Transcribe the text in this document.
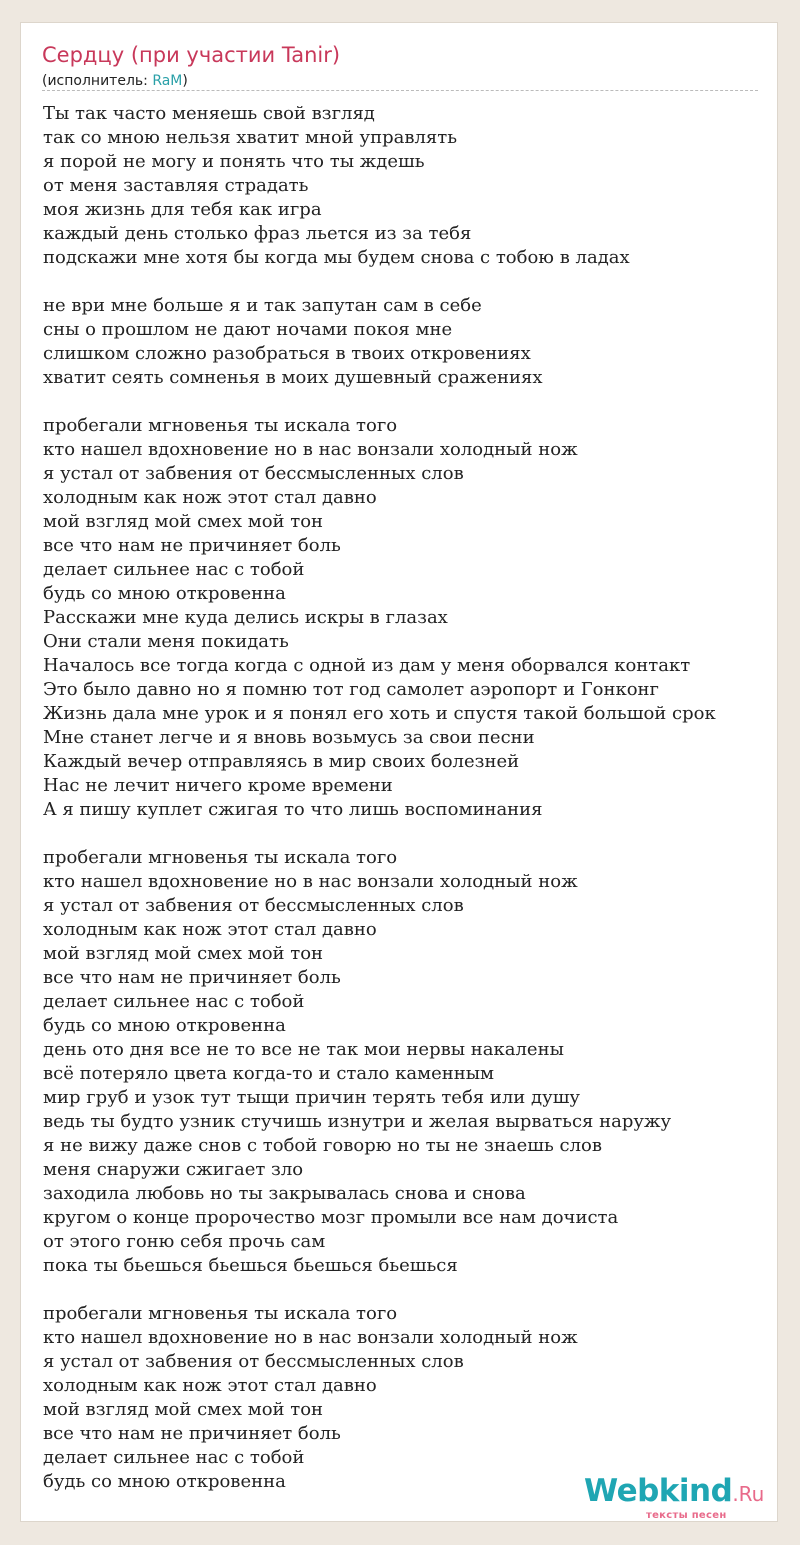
Сердцу (при участии Tanir)
(исполнитель: RaM)
Ты так часто меняешь свой взгляд
так со мною нельзя хватит мной управлять
я порой не могу и понять что ты ждешь
от меня заставляя страдать
моя жизнь для тебя как игра
каждый день столько фраз льется из за тебя
подскажи мне хотя бы когда мы будем снова с тобою в ладах

не ври мне больше я и так запутан сам в себе
сны о прошлом не дают ночами покоя мне
слишком сложно разобраться в твоих откровениях
хватит сеять сомненья в моих душевный сражениях

пробегали мгновенья ты искала того
кто нашел вдохновение но в нас вонзали холодный нож
я устал от забвения от бессмысленных слов
холодным как нож этот стал давно
мой взгляд мой смех мой тон
все что нам не причиняет боль
делает сильнее нас с тобой
будь со мною откровенна
Расскажи мне куда делись искры в глазах
Они стали меня покидать
Началось все тогда когда с одной из дам у меня оборвался контакт
Это было давно но я помню тот год самолет аэропорт и Гонконг
Жизнь дала мне урок и я понял его хоть и спустя такой большой срок
Мне станет легче и я вновь возьмусь за свои песни
Каждый вечер отправляясь в мир своих болезней
Нас не лечит ничего кроме времени
А я пишу куплет сжигая то что лишь воспоминания

пробегали мгновенья ты искала того
кто нашел вдохновение но в нас вонзали холодный нож
я устал от забвения от бессмысленных слов
холодным как нож этот стал давно
мой взгляд мой смех мой тон
все что нам не причиняет боль
делает сильнее нас с тобой
будь со мною откровенна
день ото дня все не то все не так мои нервы накалены
всё потеряло цвета когда-то и стало каменным
мир груб и узок тут тыщи причин терять тебя или душу
ведь ты будто узник стучишь изнутри и желая вырваться наружу
я не вижу даже снов с тобой говорю но ты не знаешь слов
меня снаружи сжигает зло
заходила любовь но ты закрывалась снова и снова
кругом о конце пророчество мозг промыли все нам дочиста
от этого гоню себя прочь сам
пока ты бьешься бьешься бьешься бьешься

пробегали мгновенья ты искала того
кто нашел вдохновение но в нас вонзали холодный нож
я устал от забвения от бессмысленных слов
холодным как нож этот стал давно
мой взгляд мой смех мой тон
все что нам не причиняет боль
делает сильнее нас с тобой
будь со мною откровенна	Webkind.Ru
тексты песен
